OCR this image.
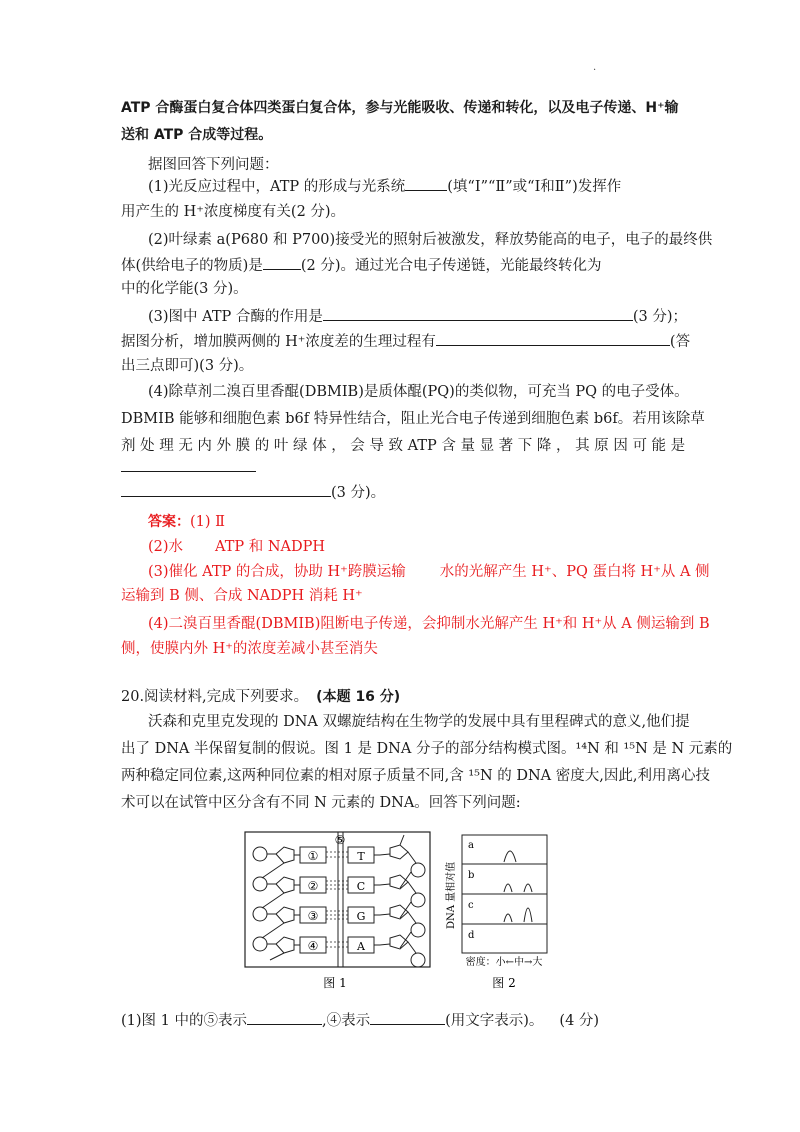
.
ATP 合酶蛋白复合体四类蛋白复合体，参与光能吸收、传递和转化，以及电子传递、H⁺输
送和 ATP 合成等过程。
据图回答下列问题：
(1)光反应过程中，ATP 的形成与光系统	(填“Ⅰ”“Ⅱ”或“Ⅰ和Ⅱ”)发挥作
用产生的 H⁺浓度梯度有关(2 分)。
(2)叶绿素 a(P680 和 P700)接受光的照射后被激发，释放势能高的电子，电子的最终供
体(供给电子的物质)是	(2 分)。通过光合电子传递链，光能最终转化为
中的化学能(3 分)。
(3)图中 ATP 合酶的作用是	(3 分)；
据图分析，增加膜两侧的 H⁺浓度差的生理过程有	(答
出三点即可)(3 分)。
(4)除草剂二溴百里香醌(DBMIB)是质体醌(PQ)的类似物，可充当 PQ 的电子受体。
DBMIB 能够和细胞色素 b6f 特异性结合，阻止光合电子传递到细胞色素 b6f。若用该除草
剂 处 理 无 内 外 膜 的 叶 绿 体 ， 会 导 致 ATP 含 量 显 著 下 降 ， 其 原 因 可 能 是
(3 分)。
答案：(1) Ⅱ
(2)水 ATP 和 NADPH
(3)催化 ATP 的合成，协助 H⁺跨膜运输 水的光解产生 H⁺、PQ 蛋白将 H⁺从 A 侧
运输到 B 侧、合成 NADPH 消耗 H⁺
(4)二溴百里香醌(DBMIB)阻断电子传递，会抑制水光解产生 H⁺和 H⁺从 A 侧运输到 B
侧，使膜内外 H⁺的浓度差减小甚至消失
20.阅读材料,完成下列要求。 (本题 16 分)
沃森和克里克发现的 DNA 双螺旋结构在生物学的发展中具有里程碑式的意义,他们提
出了 DNA 半保留复制的假说。图 1 是 DNA 分子的部分结构模式图。¹⁴N 和 ¹⁵N 是 N 元素的
两种稳定同位素,这两种同位素的相对原子质量不同,含 ¹⁵N 的 DNA 密度大,因此,利用离心技
术可以在试管中区分含有不同 N 元素的 DNA。回答下列问题:
①
②
③
④
T
C
G
A
⑤
图 1
DNA 量相对值
a
b
c
d
密度：小←中→大
图 2
(1)图 1 中的⑤表示	,④表示	(用文字表示)。 (4 分)
